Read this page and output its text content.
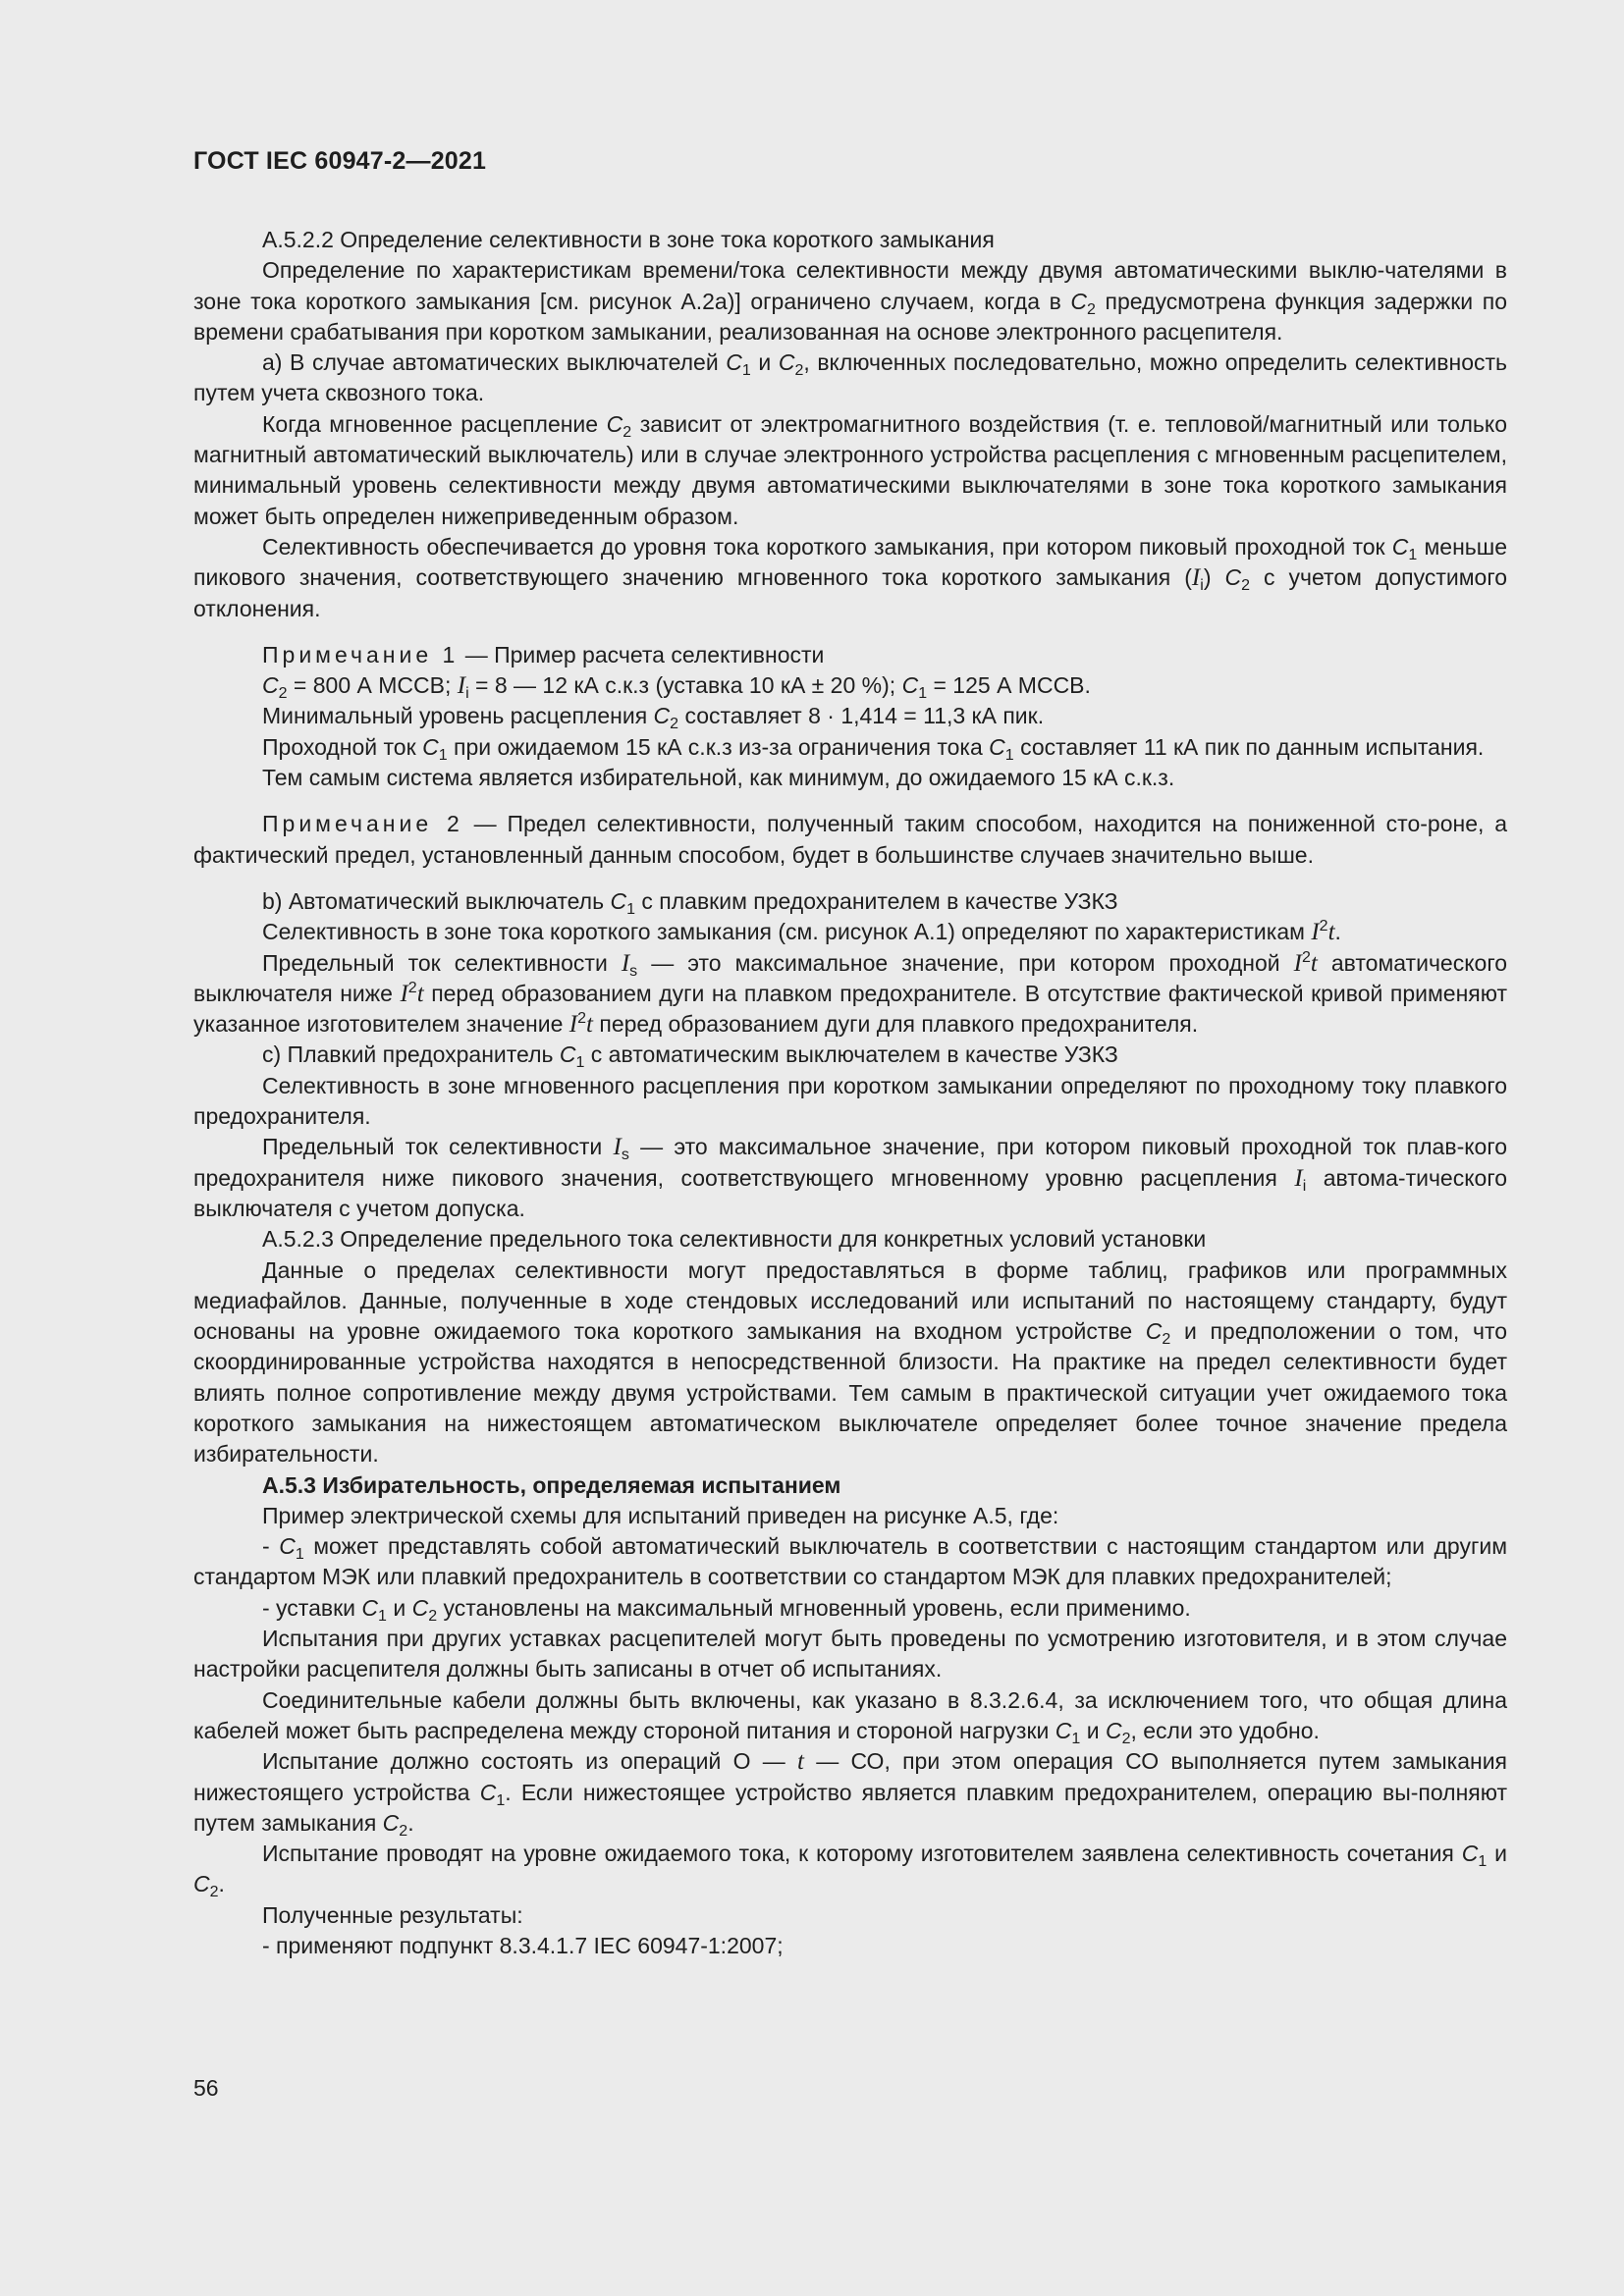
ГОСТ IEC 60947-2—2021

A.5.2.2 Определение селективности в зоне тока короткого замыкания

Определение по характеристикам времени/тока селективности между двумя автоматическими выклю-чателями в зоне тока короткого замыкания [см. рисунок А.2а)] ограничено случаем, когда в $C_2$ предусмотрена функция задержки по времени срабатывания при коротком замыкании, реализованная на основе электронного расцепителя.

а) В случае автоматических выключателей $C_1$ и $C_2$, включенных последовательно, можно определить селективность путем учета сквозного тока.

Когда мгновенное расцепление $C_2$ зависит от электромагнитного воздействия (т. е. тепловой/магнитный или только магнитный автоматический выключатель) или в случае электронного устройства расцепления с мгновенным расцепителем, минимальный уровень селективности между двумя автоматическими выключателями в зоне тока короткого замыкания может быть определен нижеприведенным образом.

Селективность обеспечивается до уровня тока короткого замыкания, при котором пиковый проходной ток $C_1$ меньше пикового значения, соответствующего значению мгновенного тока короткого замыкания $(I_i)$ $C_2$ с учетом допустимого отклонения.

Примечание 1 — Пример расчета селективности

$C_2 = 800$ А МССВ; $I_i = 8$ — 12 кА с.к.з (уставка 10 кА ± 20 %); $C_1 = 125$ А МССВ.

Минимальный уровень расцепления $C_2$ составляет 8 · 1,414 = 11,3 кА пик.

Проходной ток $C_1$ при ожидаемом 15 кА с.к.з из-за ограничения тока $C_1$ составляет 11 кА пик по данным испытания.

Тем самым система является избирательной, как минимум, до ожидаемого 15 кА с.к.з.

Примечание 2 — Предел селективности, полученный таким способом, находится на пониженной сто-роне, а фактический предел, установленный данным способом, будет в большинстве случаев значительно выше.

b) Автоматический выключатель $C_1$ с плавким предохранителем в качестве УЗКЗ

Селективность в зоне тока короткого замыкания (см. рисунок А.1) определяют по характеристикам $I^2t$.

Предельный ток селективности $I_s$ — это максимальное значение, при котором проходной $I^2t$ автоматического выключателя ниже $I^2t$ перед образованием дуги на плавком предохранителе. В отсутствие фактической кривой применяют указанное изготовителем значение $I^2t$ перед образованием дуги для плавкого предохранителя.

с) Плавкий предохранитель $C_1$ с автоматическим выключателем в качестве УЗКЗ

Селективность в зоне мгновенного расцепления при коротком замыкании определяют по проходному току плавкого предохранителя.

Предельный ток селективности $I_s$ — это максимальное значение, при котором пиковый проходной ток плав-кого предохранителя ниже пикового значения, соответствующего мгновенному уровню расцепления $I_i$ автома-тического выключателя с учетом допуска.

A.5.2.3 Определение предельного тока селективности для конкретных условий установки

Данные о пределах селективности могут предоставляться в форме таблиц, графиков или программных медиафайлов. Данные, полученные в ходе стендовых исследований или испытаний по настоящему стандарту, будут основаны на уровне ожидаемого тока короткого замыкания на входном устройстве $C_2$ и предположении о том, что скоординированные устройства находятся в непосредственной близости. На практике на предел селективности будет влиять полное сопротивление между двумя устройствами. Тем самым в практической ситуации учет ожидаемого тока короткого замыкания на нижестоящем автоматическом выключателе определяет более точное значение предела избирательности.

А.5.3 Избирательность, определяемая испытанием

Пример электрической схемы для испытаний приведен на рисунке А.5, где:

- $C_1$ может представлять собой автоматический выключатель в соответствии с настоящим стандартом или другим стандартом МЭК или плавкий предохранитель в соответствии со стандартом МЭК для плавких предохранителей;

- уставки $C_1$ и $C_2$ установлены на максимальный мгновенный уровень, если применимо.

Испытания при других уставках расцепителей могут быть проведены по усмотрению изготовителя, и в этом случае настройки расцепителя должны быть записаны в отчет об испытаниях.

Соединительные кабели должны быть включены, как указано в 8.3.2.6.4, за исключением того, что общая длина кабелей может быть распределена между стороной питания и стороной нагрузки $C_1$ и $C_2$, если это удобно.

Испытание должно состоять из операций О — t — СО, при этом операция СО выполняется путем замыкания нижестоящего устройства $C_1$. Если нижестоящее устройство является плавким предохранителем, операцию вы-полняют путем замыкания $C_2$.

Испытание проводят на уровне ожидаемого тока, к которому изготовителем заявлена селективность сочетания $C_1$ и $C_2$.

Полученные результаты:

- применяют подпункт 8.3.4.1.7 IEC 60947-1:2007;

56
